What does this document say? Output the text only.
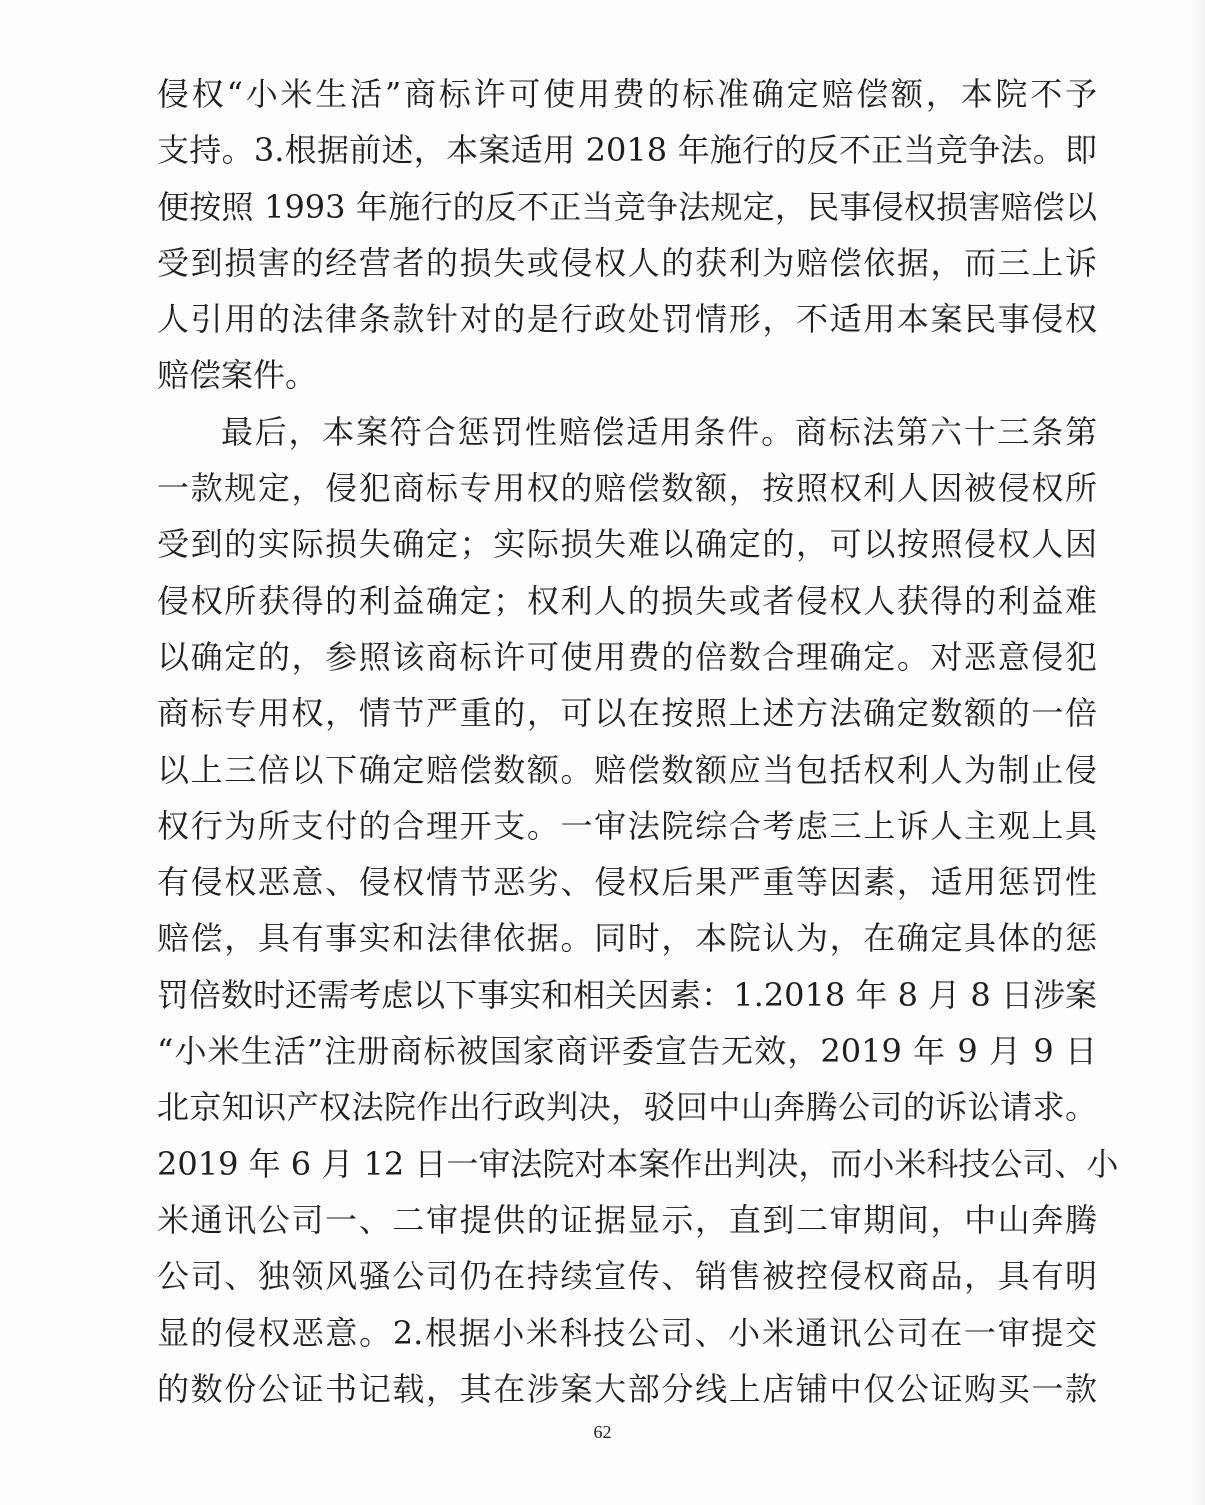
侵权“小米生活”商标许可使用费的标准确定赔偿额，本院不予
支持。3.根据前述，本案适用 2018 年施行的反不正当竞争法。即
便按照 1993 年施行的反不正当竞争法规定，民事侵权损害赔偿以
受到损害的经营者的损失或侵权人的获利为赔偿依据，而三上诉
人引用的法律条款针对的是行政处罚情形，不适用本案民事侵权
赔偿案件。
最后，本案符合惩罚性赔偿适用条件。商标法第六十三条第
一款规定，侵犯商标专用权的赔偿数额，按照权利人因被侵权所
受到的实际损失确定；实际损失难以确定的，可以按照侵权人因
侵权所获得的利益确定；权利人的损失或者侵权人获得的利益难
以确定的，参照该商标许可使用费的倍数合理确定。对恶意侵犯
商标专用权，情节严重的，可以在按照上述方法确定数额的一倍
以上三倍以下确定赔偿数额。赔偿数额应当包括权利人为制止侵
权行为所支付的合理开支。一审法院综合考虑三上诉人主观上具
有侵权恶意、侵权情节恶劣、侵权后果严重等因素，适用惩罚性
赔偿，具有事实和法律依据。同时，本院认为，在确定具体的惩
罚倍数时还需考虑以下事实和相关因素：1.2018 年 8 月 8 日涉案
“小米生活”注册商标被国家商评委宣告无效，2019 年 9 月 9 日
北京知识产权法院作出行政判决，驳回中山奔腾公司的诉讼请求。
2019 年 6 月 12 日一审法院对本案作出判决，而小米科技公司、小
米通讯公司一、二审提供的证据显示，直到二审期间，中山奔腾
公司、独领风骚公司仍在持续宣传、销售被控侵权商品，具有明
显的侵权恶意。2.根据小米科技公司、小米通讯公司在一审提交
的数份公证书记载，其在涉案大部分线上店铺中仅公证购买一款
62
